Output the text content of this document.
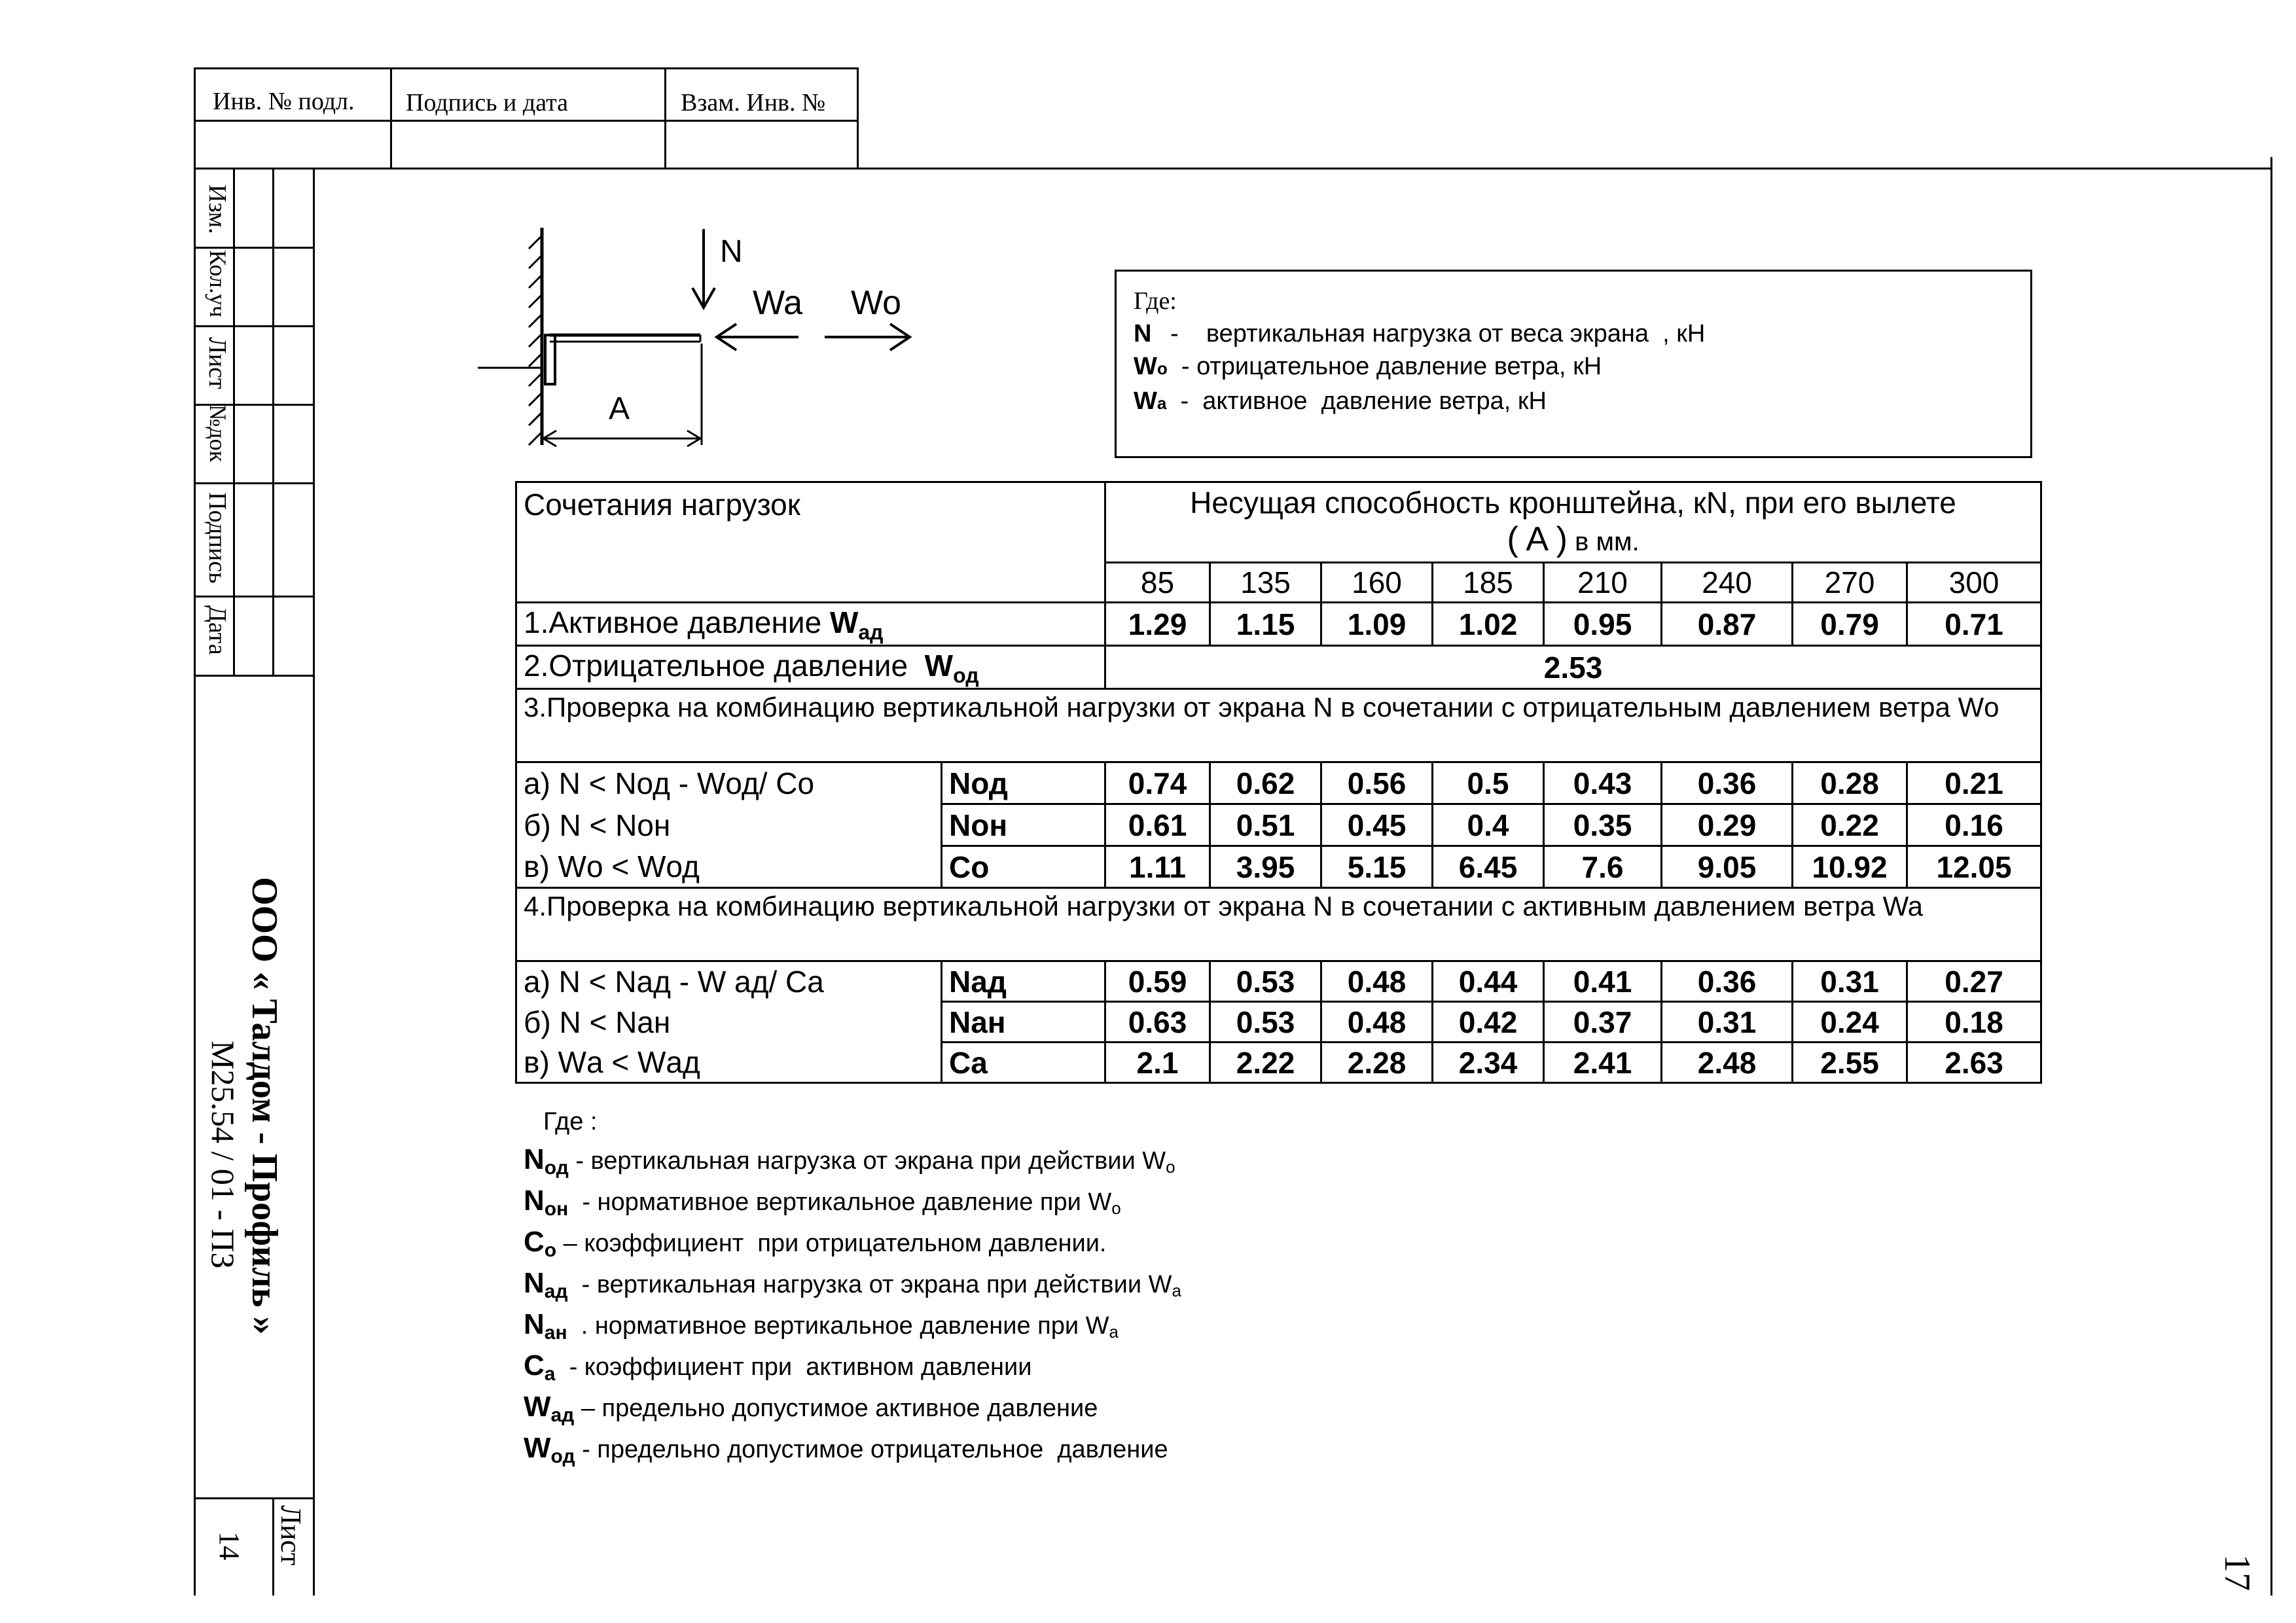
Инв. № подл. Подпись и дата	Взам. Инв. №
Изм.
Кол.уч
Лист
№док
Подпись
Дата
ООО « Талдом - Профиль »
М25.54 / 01 - ПЗ
Лист
14
17
A
N
Wa Wo	Где:
N -    вертикальная нагрузка от веса экрана  , кН
Wо  - отрицательное давление ветра, кН
Wа  -  активное  давление ветра, кН
Сочетания нагрузок		Несущая способность кронштейна, кN, при его вылете
( A ) в мм.							

		85	135	160	185	210	240	270	300
1.Активное давление $W_{ад}$		1.29	1.15	1.09	1.02	0.95	0.87	0.79	0.71
2.Отрицательное давление  $W_{од}$		2.53							
3.Проверка на комбинацию вертикальной нагрузки от экрана N в сочетании с отрицательным давлением ветра Wо									
а) N < Nод - Wод/ Cо	Nод	0.74	0.62	0.56	0.5	0.43	0.36	0.28	0.21
б) N < Nон	Nон	0.61	0.51	0.45	0.4	0.35	0.29	0.22	0.16
в) Wо < Wод	Cо	1.11	3.95	5.15	6.45	7.6	9.05	10.92	12.05
4.Проверка на комбинацию вертикальной нагрузки от экрана N в сочетании с активным давлением ветра Wa									
а) N < Nад - W ад/ Cа	Nад	0.59	0.53	0.48	0.44	0.41	0.36	0.31	0.27
б) N < Nан	Nан	0.63	0.53	0.48	0.42	0.37	0.31	0.24	0.18
в) Wа < Wад	Cа	2.1	2.22	2.28	2.34	2.41	2.48	2.55	2.63
Где :
$N_{од}$ - вертикальная нагрузка от экрана при действии Wо
$N_{он}$  - нормативное вертикальное давление при Wо
$C_о$ – коэффициент  при отрицательном давлении.
$N_{ад}$  - вертикальная нагрузка от экрана при действии Wа
$N_{ан}$  . нормативное вертикальное давление при Wа
$C_а$  - коэффициент при  активном давлении
$W_{ад}$ – предельно допустимое активное давление
$W_{од}$ - предельно допустимое отрицательное  давление
